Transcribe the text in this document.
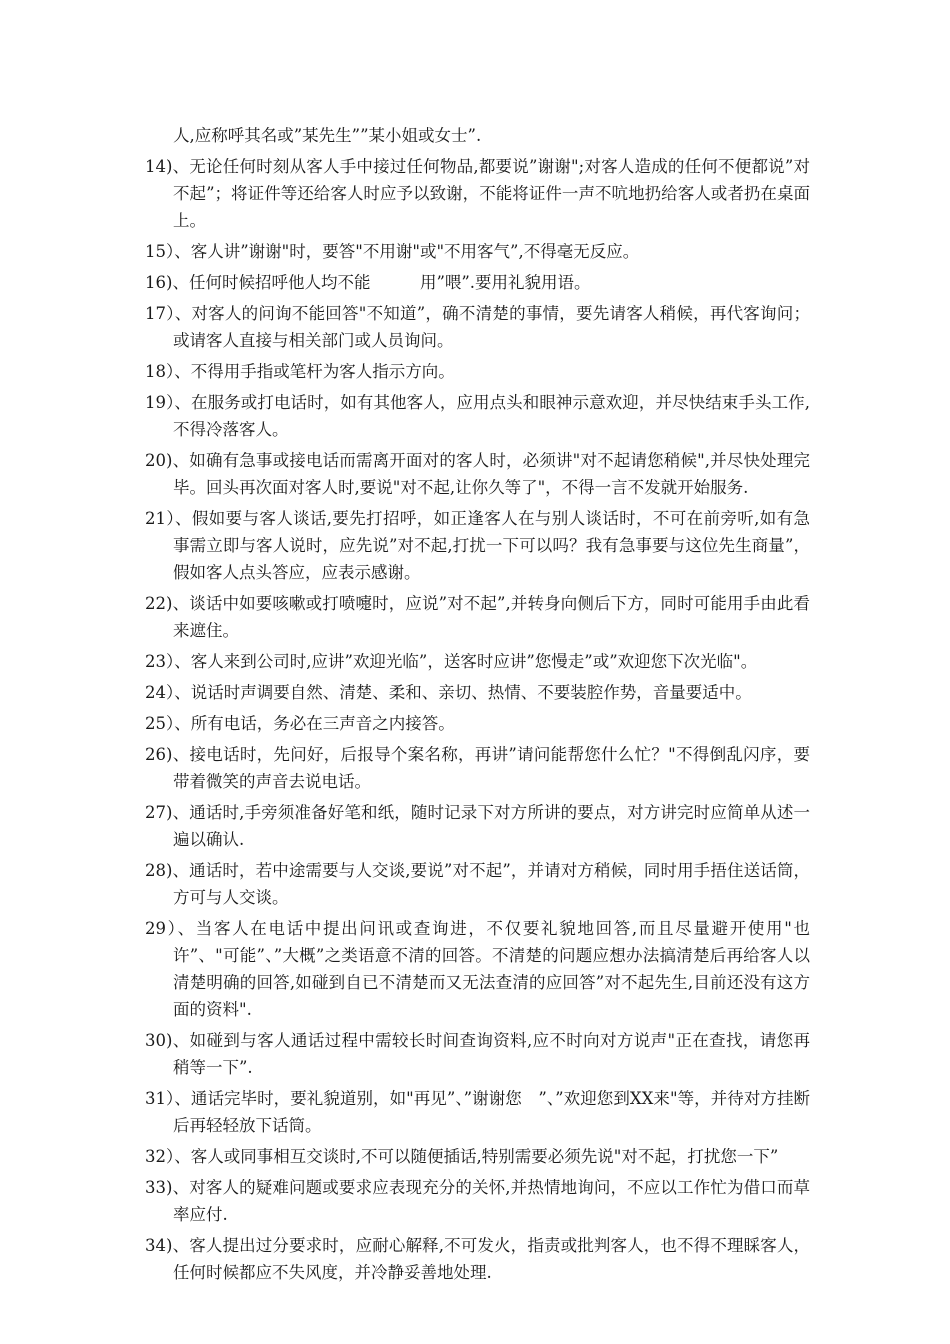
人,应称呼其名或”某先生””某小姐或女士”.

14)、无论任何时刻从客人手中接过任何物品,都要说”谢谢";对客人造成的任何不便都说”对不起”；将证件等还给客人时应予以致谢，不能将证件一声不吭地扔给客人或者扔在桌面上。

15）、客人讲”谢谢"时，要答"不用谢"或"不用客气”,不得毫无反应。

16)、任何时候招呼他人均不能　　　用”喂”.要用礼貌用语。

17）、对客人的问询不能回答"不知道”，确不清楚的事情，要先请客人稍候，再代客询问；或请客人直接与相关部门或人员询问。

18）、不得用手指或笔杆为客人指示方向。

19）、在服务或打电话时，如有其他客人，应用点头和眼神示意欢迎，并尽快结束手头工作,不得冷落客人。

20)、如确有急事或接电话而需离开面对的客人时，必须讲"对不起请您稍候",并尽快处理完毕。回头再次面对客人时,要说"对不起,让你久等了"，不得一言不发就开始服务.

21）、假如要与客人谈话,要先打招呼，如正逢客人在与别人谈话时，不可在前旁听,如有急事需立即与客人说时，应先说”对不起,打扰一下可以吗？我有急事要与这位先生商量”，假如客人点头答应，应表示感谢。

22)、谈话中如要咳嗽或打喷嚏时，应说”对不起”,并转身向侧后下方，同时可能用手由此看来遮住。

23）、客人来到公司时,应讲”欢迎光临”，送客时应讲”您慢走”或”欢迎您下次光临"。

24）、说话时声调要自然、清楚、柔和、亲切、热情、不要装腔作势，音量要适中。

25）、所有电话，务必在三声音之内接答。

26)、接电话时，先问好，后报导个案名称，再讲”请问能帮您什么忙？"不得倒乱闪序，要带着微笑的声音去说电话。

27)、通话时,手旁须准备好笔和纸，随时记录下对方所讲的要点，对方讲完时应简单从述一遍以确认.

28)、通话时，若中途需要与人交谈,要说”对不起”，并请对方稍候，同时用手捂住送话筒，方可与人交谈。

29）、当客人在电话中提出问讯或查询进，不仅要礼貌地回答,而且尽量避开使用"也许”、"可能”、”大概”之类语意不清的回答。不清楚的问题应想办法搞清楚后再给客人以清楚明确的回答,如碰到自已不清楚而又无法查清的应回答”对不起先生,目前还没有这方面的资料".

30)、如碰到与客人通话过程中需较长时间查询资料,应不时向对方说声"正在查找，请您再稍等一下”.

31）、通话完毕时，要礼貌道别，如"再见”、”谢谢您　”、”欢迎您到XX来"等，并待对方挂断后再轻轻放下话筒。

32）、客人或同事相互交谈时,不可以随便插话,特别需要必须先说"对不起，打扰您一下”

33)、对客人的疑难问题或要求应表现充分的关怀,并热情地询问，不应以工作忙为借口而草率应付.

34)、客人提出过分要求时，应耐心解释,不可发火，指责或批判客人，也不得不理睬客人，任何时候都应不失风度，并冷静妥善地处理.
